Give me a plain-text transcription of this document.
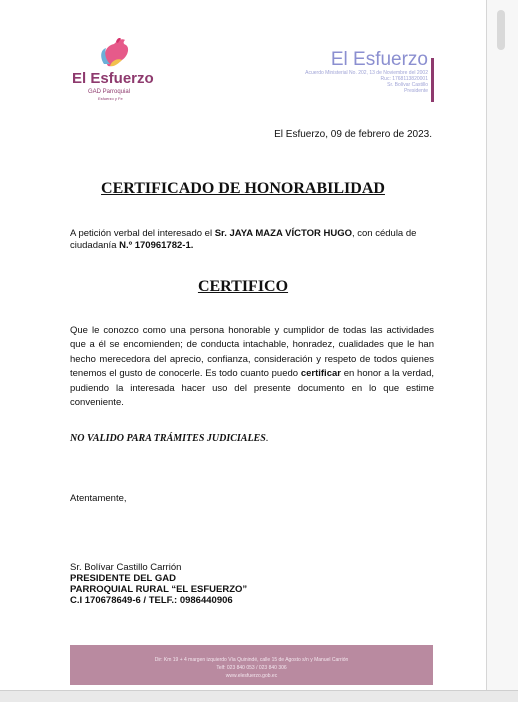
El Esfuerzo
GAD Parroquial
Esfuerzo y Fe
El Esfuerzo
Acuerdo Ministerial No. 202, 13 de Noviembre del 2002
Ruc: 1768113820001
Sr. Bolívar Castillo
Presidente
El Esfuerzo, 09 de febrero de 2023.
CERTIFICADO DE HONORABILIDAD
A petición verbal del interesado el Sr. JAYA MAZA VÍCTOR HUGO, con cédula de ciudadanía N.º 170961782-1.
CERTIFICO
Que le conozco como una persona honorable y cumplidor de todas las actividades que a él se encomienden; de conducta intachable, honradez, cualidades que le han hecho merecedora del aprecio, confianza, consideración y respeto de todos quienes tenemos el gusto de conocerle. Es todo cuanto puedo certificar en honor a la verdad, pudiendo la interesada hacer uso del presente documento en lo que estime conveniente.
NO VALIDO PARA TRÁMITES JUDICIALES.
Atentamente,
Sr. Bolívar Castillo Carrión
PRESIDENTE DEL GAD
PARROQUIAL RURAL “EL ESFUERZO”
C.I 170678649-6 / TELF.: 0986440906
Dir: Km 19 + 4 margen izquierdo Vía Quinindé, calle 15 de Agosto s/n y Manuel Carrión
Telf: 023 840 053 / 023 840 306
www.elesfuerzo.gob.ec
